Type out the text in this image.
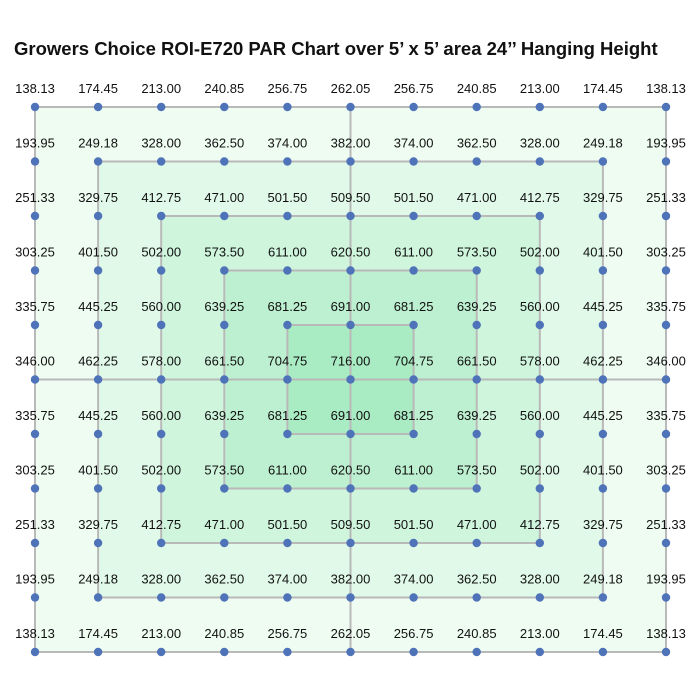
Growers Choice ROI-E720 PAR Chart over 5’ x 5’ area 24’’ Hanging Height
138.13 174.45 213.00 240.85 256.75 262.05 256.75 240.85 213.00 174.45 138.13
193.95 249.18 328.00 362.50 374.00 382.00 374.00 362.50 328.00 249.18 193.95
251.33 329.75 412.75 471.00 501.50 509.50 501.50 471.00 412.75 329.75 251.33
303.25 401.50 502.00 573.50 611.00 620.50 611.00 573.50 502.00 401.50 303.25
335.75 445.25 560.00 639.25 681.25 691.00 681.25 639.25 560.00 445.25 335.75
346.00 462.25 578.00 661.50 704.75 716.00 704.75 661.50 578.00 462.25 346.00
335.75 445.25 560.00 639.25 681.25 691.00 681.25 639.25 560.00 445.25 335.75
303.25 401.50 502.00 573.50 611.00 620.50 611.00 573.50 502.00 401.50 303.25
251.33 329.75 412.75 471.00 501.50 509.50 501.50 471.00 412.75 329.75 251.33
193.95 249.18 328.00 362.50 374.00 382.00 374.00 362.50 328.00 249.18 193.95
138.13 174.45 213.00 240.85 256.75 262.05 256.75 240.85 213.00 174.45 138.13
